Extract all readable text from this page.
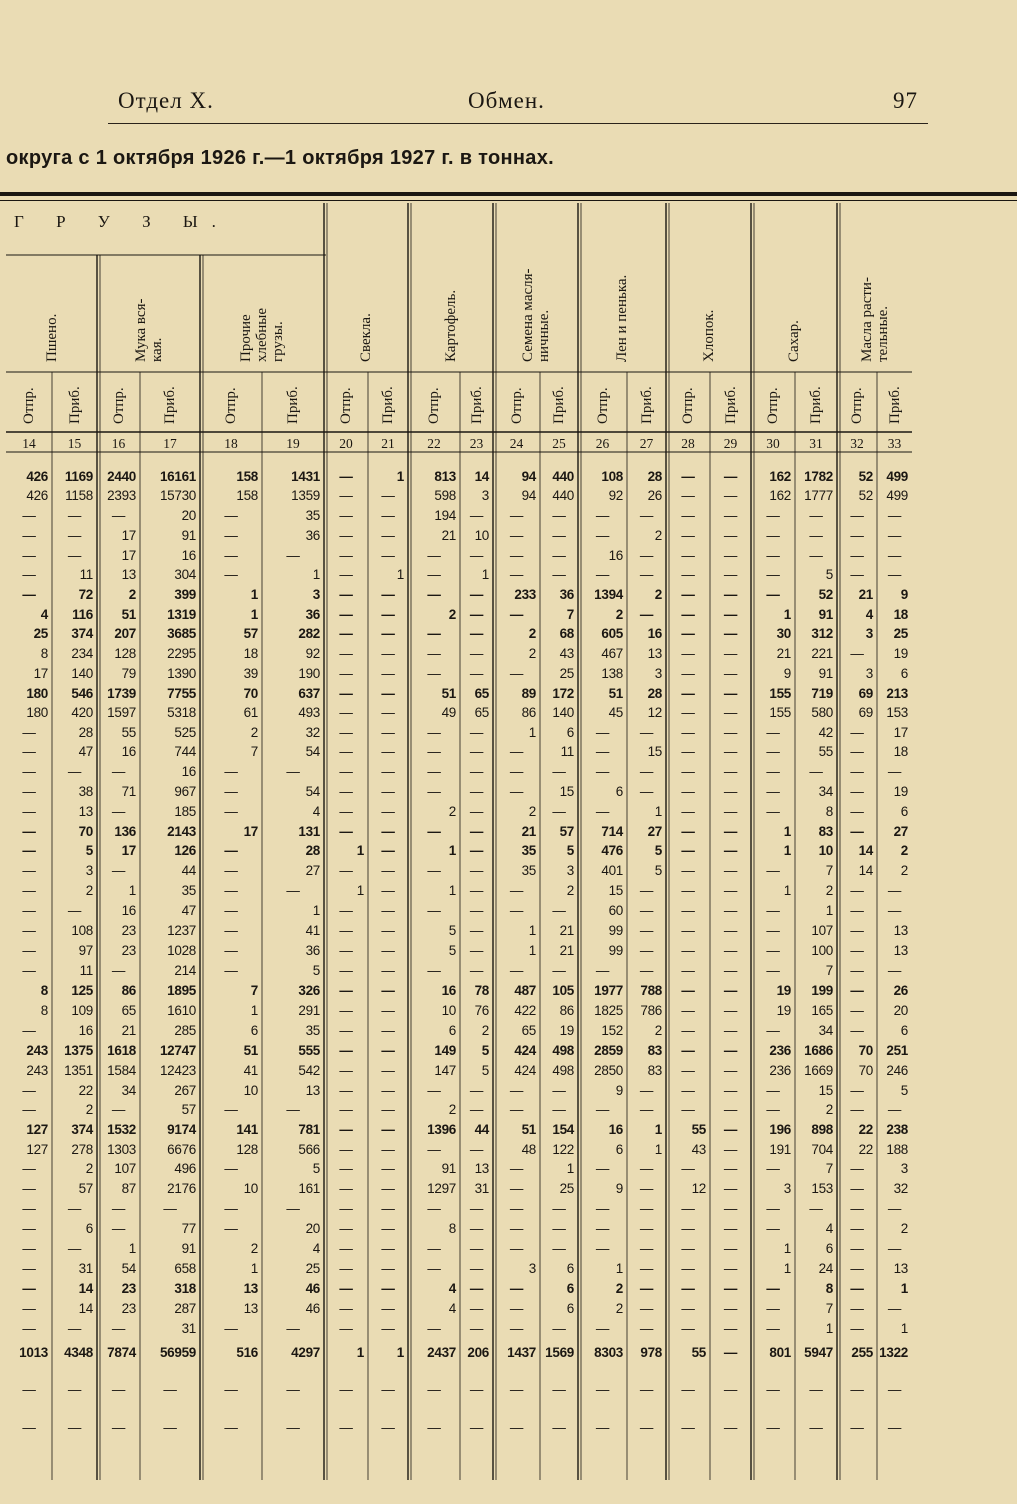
Отдел X.	Обмен.	97
округа с 1 октября 1926 г.—1 октября 1927 г. в тоннах.
Г Р У З Ы.
Пшено.	Мука вся- кая.	Прочие хлебные грузы.	Свекла.	Картофель.	Семена масля- ничные.	Лен и пенька.	Хлопок.	Сахар.	Масла расти- тельные.
Отпр. Приб. Отпр. Приб.	Отпр.	Приб. Отпр. Приб. Отпр. Приб. Отпр. Приб. Отпр. Приб. Отпр. Приб. Отпр. Приб. Отпр. Приб.
14	15	16	17	18	19	20	21	22	23	24	25	26	27	28	29	30	31	32	33
426	1169	2440	16161	158	1431	—	1	813	14	94	440	108	28	—	—	162 1782	52 499
426	1158	2393	15730	158	1359	—	—	598	3	94	440	92	26	—	—	162 1777	52 499
—	—	—	20	—	35	—	—	194	—	—	—	—	—	—	—	—	—	—	—
—	—	17	91	—	36	—	—	21	10	—	—	—	2	—	—	—	—	—	—
—	—	17	16	—	—	—	—	—	—	—	—	16	—	—	—	—	—	—	—
—	11	13	304	—	1	—	1	—	1	—	—	—	—	—	—	—	5	—	—
—	72	2	399	1	3	—	—	—	—	233	36	1394	2	—	—	—	52	21	9
4	116	51	1319	1	36	—	—	2	—	—	7	2	—	—	—	1	91	4	18
25	374	207	3685	57	282	—	—	—	—	2	68	605	16	—	—	30	312	3	25
8	234	128	2295	18	92	—	—	—	—	2	43	467	13	—	—	21	221	—	19
17	140	79	1390	39	190	—	—	—	—	—	25	138	3	—	—	9	91	3	6
180	546	1739	7755	70	637	—	—	51	65	89	172	51	28	—	—	155	719	69 213
180	420	1597	5318	61	493	—	—	49	65	86	140	45	12	—	—	155	580	69 153
—	28	55	525	2	32	—	—	—	—	1	6	—	—	—	—	—	42	—	17
—	47	16	744	7	54	—	—	—	—	—	11	—	15	—	—	—	55	—	18
—	—	—	16	—	—	—	—	—	—	—	—	—	—	—	—	—	—	—	—
—	38	71	967	—	54	—	—	—	—	—	15	6	—	—	—	—	34	—	19
—	13	—	185	—	4	—	—	2	—	2	—	—	1	—	—	—	8	—	6
—	70	136	2143	17	131	—	—	—	—	21	57	714	27	—	—	1	83	—	27
—	5	17	126	—	28	1	—	1	—	35	5	476	5	—	—	1	10	14	2
—	3	—	44	—	27	—	—	—	—	35	3	401	5	—	—	—	7	14	2
—	2	1	35	—	—	1	—	1	—	—	2	15	—	—	—	1	2	—	—
—	—	16	47	—	1	—	—	—	—	—	—	60	—	—	—	—	1	—	—
—	108	23	1237	—	41	—	—	5	—	1	21	99	—	—	—	—	107	—	13
—	97	23	1028	—	36	—	—	5	—	1	21	99	—	—	—	—	100	—	13
—	11	—	214	—	5	—	—	—	—	—	—	—	—	—	—	—	7	—	—
8	125	86	1895	7	326	—	—	16	78	487	105	1977	788	—	—	19	199	—	26
8	109	65	1610	1	291	—	—	10	76	422	86	1825	786	—	—	19	165	—	20
—	16	21	285	6	35	—	—	6	2	65	19	152	2	—	—	—	34	—	6
243	1375	1618	12747	51	555	—	—	149	5	424	498	2859	83	—	—	236 1686	70 251
243	1351	1584	12423	41	542	—	—	147	5	424	498	2850	83	—	—	236 1669	70 246
—	22	34	267	10	13	—	—	—	—	—	—	9	—	—	—	—	15	—	5
—	2	—	57	—	—	—	—	2	—	—	—	—	—	—	—	—	2	—	—
127	374	1532	9174	141	781	—	—	1396	44	51	154	16	1	55	—	196	898	22 238
127	278	1303	6676	128	566	—	—	—	—	48	122	6	1	43	—	191	704	22 188
—	2	107	496	—	5	—	—	91	13	—	1	—	—	—	—	—	7	—	3
—	57	87	2176	10	161	—	—	1297	31	—	25	9	—	12	—	3	153	—	32
—	—	—	—	—	—	—	—	—	—	—	—	—	—	—	—	—	—	—	—
—	6	—	77	—	20	—	—	8	—	—	—	—	—	—	—	—	4	—	2
—	—	1	91	2	4	—	—	—	—	—	—	—	—	—	—	1	6	—	—
—	31	54	658	1	25	—	—	—	—	3	6	1	—	—	—	1	24	—	13
—	14	23	318	13	46	—	—	4	—	—	6	2	—	—	—	—	8	—	1
—	14	23	287	13	46	—	—	4	—	—	6	2	—	—	—	—	7	—	—
—	—	—	31	—	—	—	—	—	—	—	—	—	—	—	—	—	1	—	1
1013	4348	7874	56959	516	4297	1	1	2437 206	1437 1569	8303	978	55	—	801 5947	255 1322
—	—	—	—	—	—	—	—	—	—	—	—	—	—	—	—	—	—	—	—
—	—	—	—	—	—	—	—	—	—	—	—	—	—	—	—	—	—	—	—
